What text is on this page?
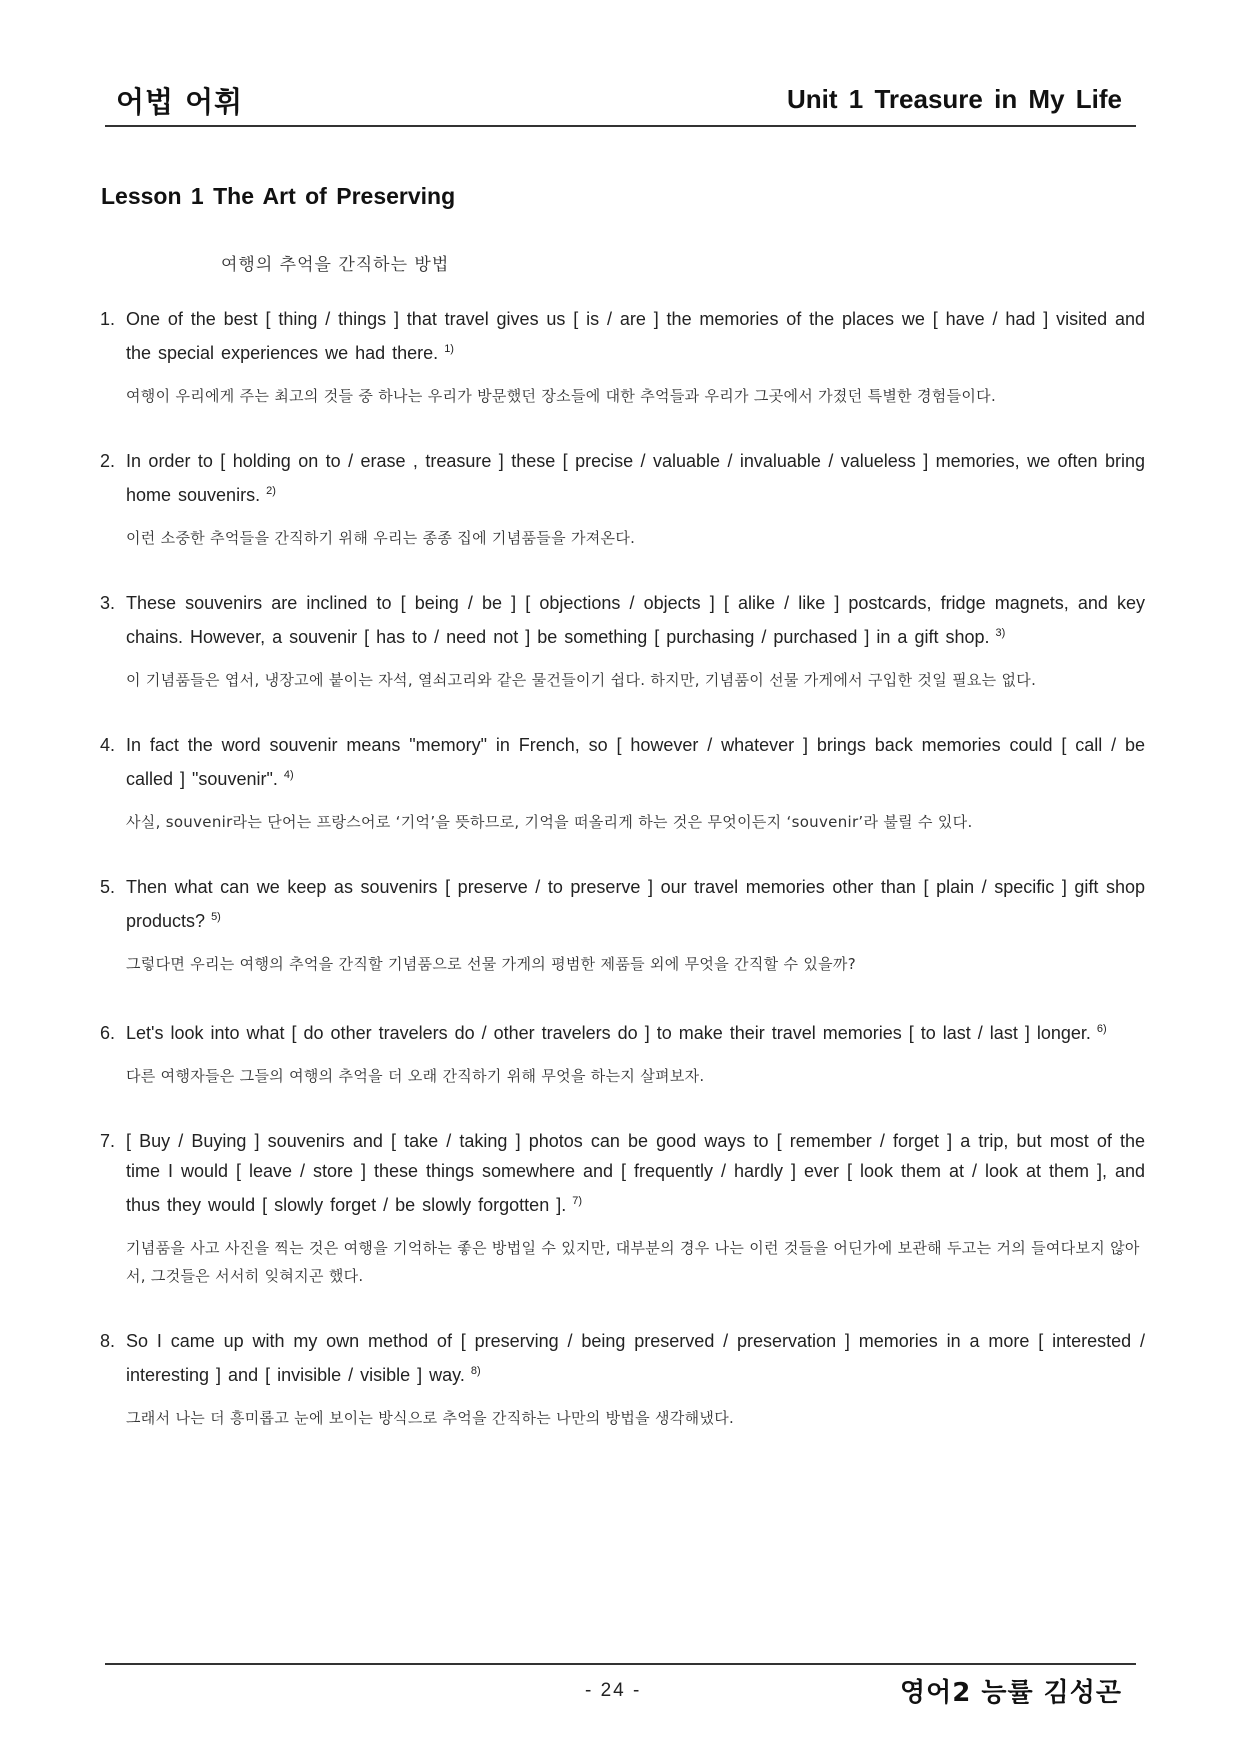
어법 어휘	Unit 1 Treasure in My Life
Lesson 1 The Art of Preserving
여행의 추억을 간직하는 방법
1. One of the best [ thing / things ] that travel gives us [ is / are ] the memories of the places we [ have / had ] visited and the special experiences we had there. $^{1)}$
여행이 우리에게 주는 최고의 것들 중 하나는 우리가 방문했던 장소들에 대한 추억들과 우리가 그곳에서 가졌던 특별한 경험들이다.
2. In order to [ holding on to / erase , treasure ] these [ precise / valuable / invaluable / valueless ] memories, we often bring home souvenirs. $^{2)}$
이런 소중한 추억들을 간직하기 위해 우리는 종종 집에 기념품들을 가져온다.
3. These souvenirs are inclined to [ being / be ] [ objections / objects ] [ alike / like ] postcards, fridge magnets, and key chains. However, a souvenir [ has to / need not ] be something [ purchasing / purchased ] in a gift shop. $^{3)}$
이 기념품들은 엽서, 냉장고에 붙이는 자석, 열쇠고리와 같은 물건들이기 쉽다. 하지만, 기념품이 선물 가게에서 구입한 것일 필요는 없다.
4. In fact the word souvenir means "memory" in French, so [ however / whatever ] brings back memories could [ call / be called ] "souvenir". $^{4)}$
사실, souvenir라는 단어는 프랑스어로 ‘기억’을 뜻하므로, 기억을 떠올리게 하는 것은 무엇이든지 ‘souvenir’라 불릴 수 있다.
5. Then what can we keep as souvenirs [ preserve / to preserve ] our travel memories other than [ plain / specific ] gift shop products? $^{5)}$
그렇다면 우리는 여행의 추억을 간직할 기념품으로 선물 가게의 평범한 제품들 외에 무엇을 간직할 수 있을까?
6. Let's look into what [ do other travelers do / other travelers do ] to make their travel memories [ to last / last ] longer. $^{6)}$
다른 여행자들은 그들의 여행의 추억을 더 오래 간직하기 위해 무엇을 하는지 살펴보자.
7. [ Buy / Buying ] souvenirs and [ take / taking ] photos can be good ways to [ remember / forget ] a trip, but most of the time I would [ leave / store ] these things somewhere and [ frequently / hardly ] ever [ look them at / look at them ], and thus they would [ slowly forget / be slowly forgotten ]. $^{7)}$
기념품을 사고 사진을 찍는 것은 여행을 기억하는 좋은 방법일 수 있지만, 대부분의 경우 나는 이런 것들을 어딘가에 보관해 두고는 거의 들여다보지 않아서, 그것들은 서서히 잊혀지곤 했다.
8. So I came up with my own method of [ preserving / being preserved / preservation ] memories in a more [ interested / interesting ] and [ invisible / visible ] way. $^{8)}$
그래서 나는 더 흥미롭고 눈에 보이는 방식으로 추억을 간직하는 나만의 방법을 생각해냈다.
- 24 -	영어2 능률 김성곤
